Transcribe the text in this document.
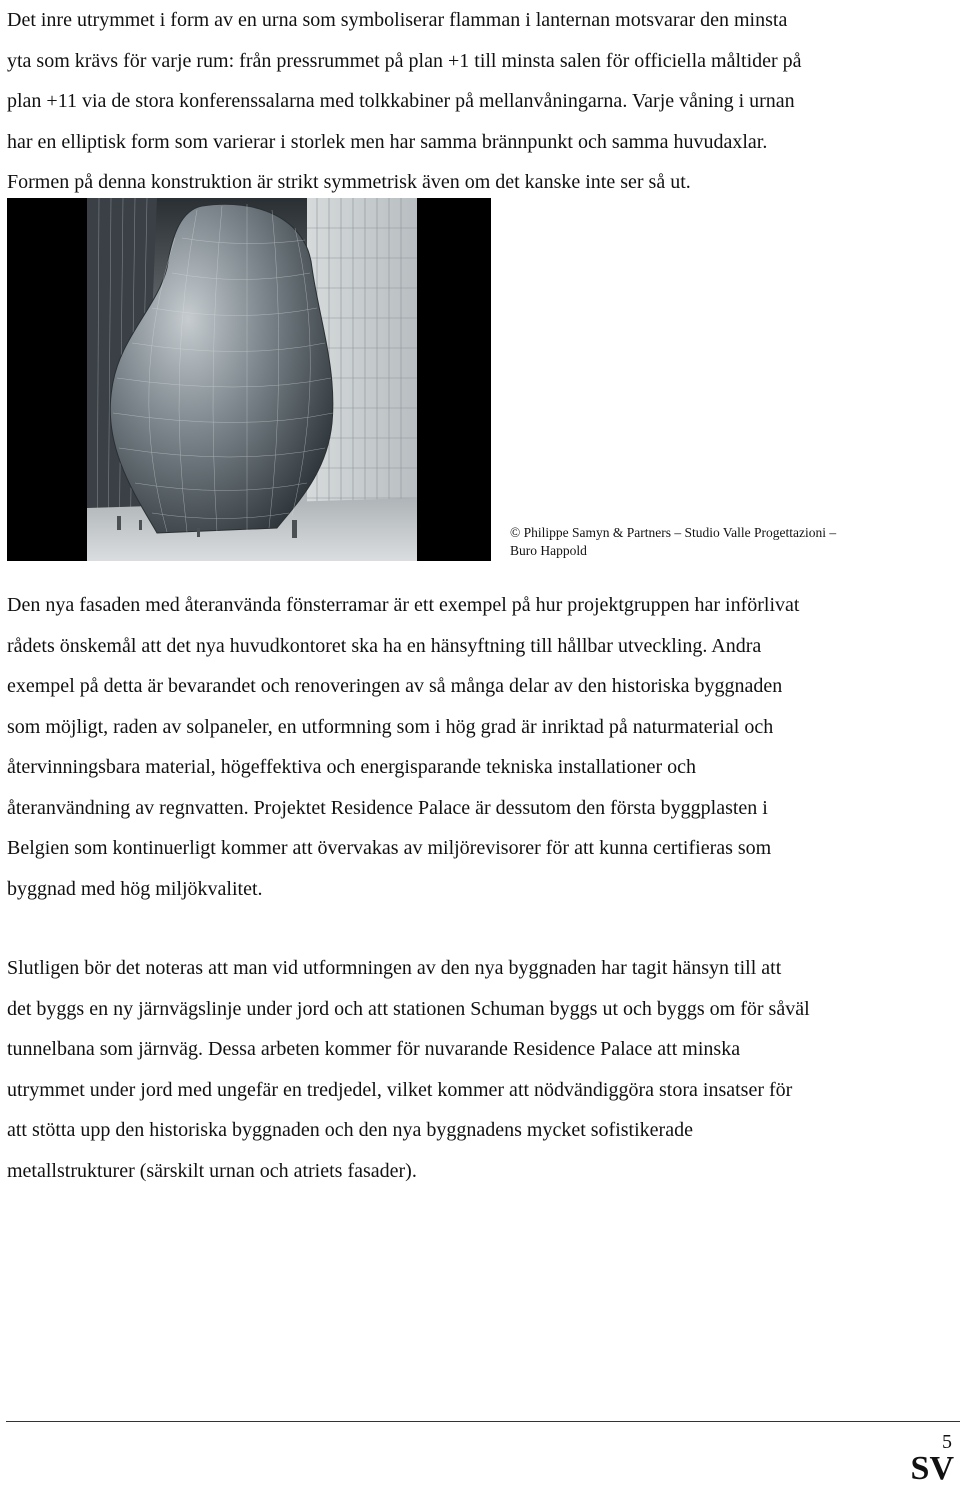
Det inre utrymmet i form av en urna som symboliserar flamman i lanternan motsvarar den minsta
yta som krävs för varje rum: från pressrummet på plan +1 till minsta salen för officiella måltider på
plan +11 via de stora konferenssalarna med tolkkabiner på mellanvåningarna. Varje våning i urnan
har en elliptisk form som varierar i storlek men har samma brännpunkt och samma huvudaxlar.
Formen på denna konstruktion är strikt symmetrisk även om det kanske inte ser så ut.

© Philippe Samyn & Partners – Studio Valle Progettazioni –
Buro Happold

Den nya fasaden med återanvända fönsterramar är ett exempel på hur projektgruppen har införlivat
rådets önskemål att det nya huvudkontoret ska ha en hänsyftning till hållbar utveckling. Andra
exempel på detta är bevarandet och renoveringen av så många delar av den historiska byggnaden
som möjligt, raden av solpaneler, en utformning som i hög grad är inriktad på naturmaterial och
återvinningsbara material, högeffektiva och energisparande tekniska installationer och
återanvändning av regnvatten. Projektet Residence Palace är dessutom den första byggplasten i
Belgien som kontinuerligt kommer att övervakas av miljörevisorer för att kunna certifieras som
byggnad med hög miljökvalitet.

Slutligen bör det noteras att man vid utformningen av den nya byggnaden har tagit hänsyn till att
det byggs en ny järnvägslinje under jord och att stationen Schuman byggs ut och byggs om för såväl
tunnelbana som järnväg. Dessa arbeten kommer för nuvarande Residence Palace att minska
utrymmet under jord med ungefär en tredjedel, vilket kommer att nödvändiggöra stora insatser för
att stötta upp den historiska byggnaden och den nya byggnadens mycket sofistikerade
metallstrukturer (särskilt urnan och atriets fasader).

5
SV
